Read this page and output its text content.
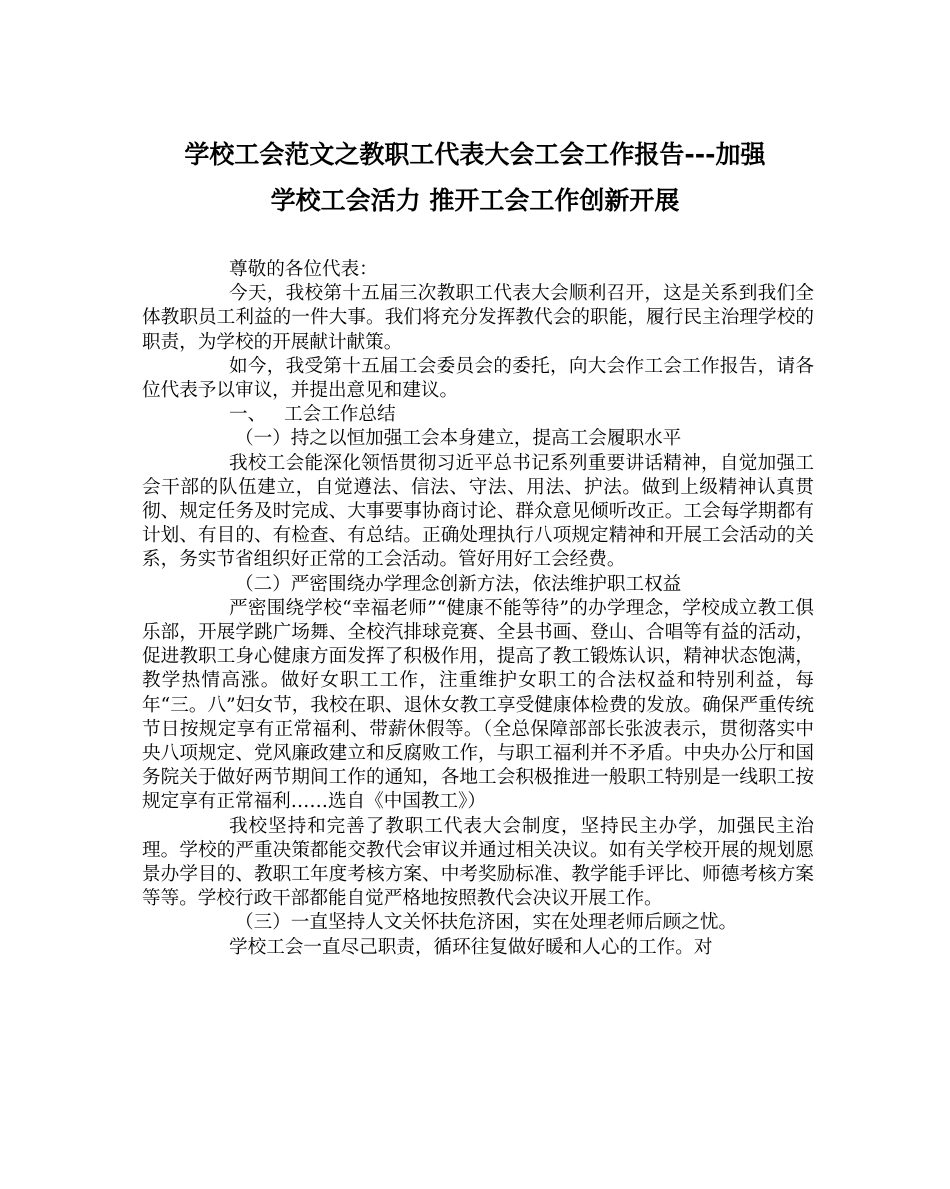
学校工会范文之教职工代表大会工会工作报告---加强
学校工会活力 推开工会工作创新开展

尊敬的各位代表：

今天，我校第十五届三次教职工代表大会顺利召开，这是关系到我们全体教职员工利益的一件大事。我们将充分发挥教代会的职能，履行民主治理学校的职责，为学校的开展献计献策。

如今，我受第十五届工会委员会的委托，向大会作工会工作报告，请各位代表予以审议，并提出意见和建议。

一、 工会工作总结

（一）持之以恒加强工会本身建立，提高工会履职水平

我校工会能深化领悟贯彻习近平总书记系列重要讲话精神，自觉加强工会干部的队伍建立，自觉遵法、信法、守法、用法、护法。做到上级精神认真贯彻、规定任务及时完成、大事要事协商讨论、群众意见倾听改正。工会每学期都有计划、有目的、有检查、有总结。正确处理执行八项规定精神和开展工会活动的关系，务实节省组织好正常的工会活动。管好用好工会经费。

（二）严密围绕办学理念创新方法，依法维护职工权益

严密围绕学校“幸福老师”“健康不能等待”的办学理念，学校成立教工俱乐部，开展学跳广场舞、全校汽排球竞赛、全县书画、登山、合唱等有益的活动，促进教职工身心健康方面发挥了积极作用，提高了教工锻炼认识，精神状态饱满，教学热情高涨。做好女职工工作，注重维护女职工的合法权益和特别利益，每年“三。八”妇女节，我校在职、退休女教工享受健康体检费的发放。确保严重传统节日按规定享有正常福利、带薪休假等。（全总保障部部长张波表示，贯彻落实中央八项规定、党风廉政建立和反腐败工作，与职工福利并不矛盾。中央办公厅和国务院关于做好两节期间工作的通知，各地工会积极推进一般职工特别是一线职工按规定享有正常福利……选自《中国教工》）

我校坚持和完善了教职工代表大会制度，坚持民主办学，加强民主治理。学校的严重决策都能交教代会审议并通过相关决议。如有关学校开展的规划愿景办学目的、教职工年度考核方案、中考奖励标准、教学能手评比、师德考核方案等等。学校行政干部都能自觉严格地按照教代会决议开展工作。

（三）一直坚持人文关怀扶危济困，实在处理老师后顾之忧。

学校工会一直尽己职责，循环往复做好暖和人心的工作。对
